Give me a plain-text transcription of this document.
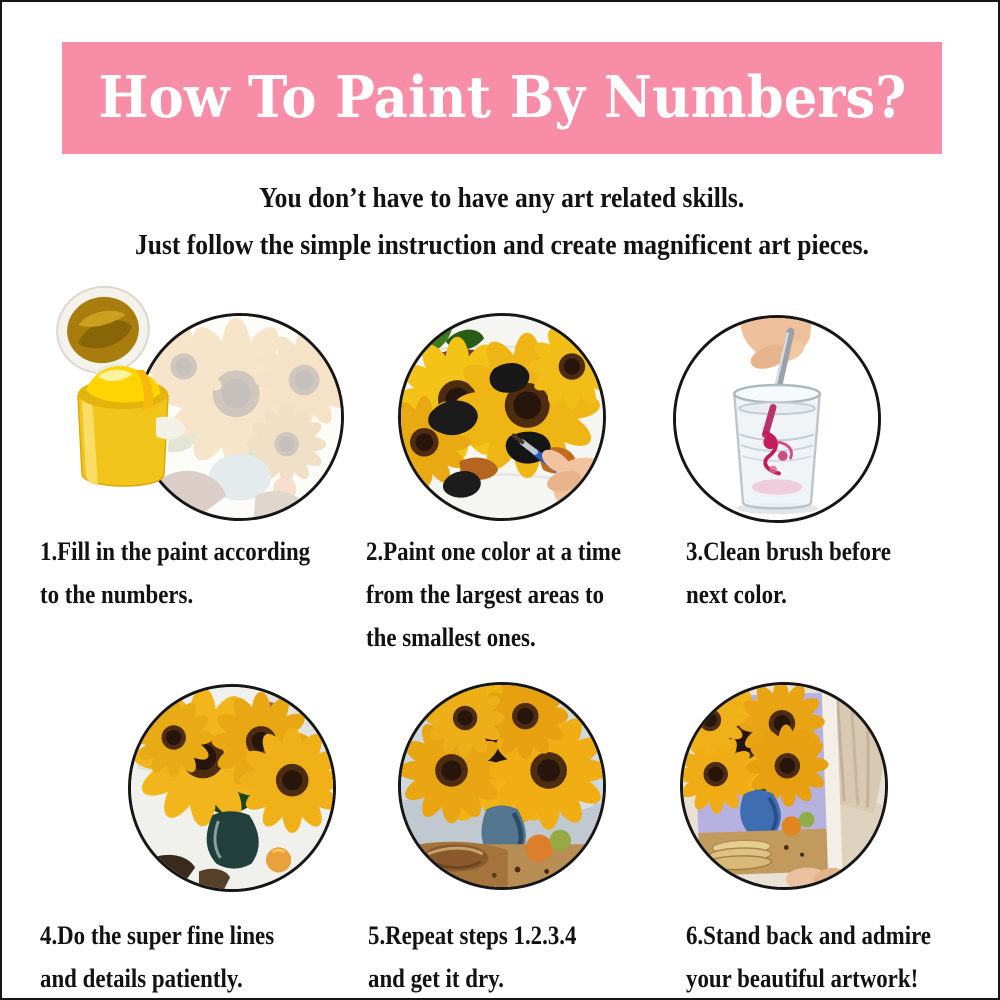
How To Paint By Numbers?
You don’t have to have any art related skills.
Just follow the simple instruction and create magnificent art pieces.
1.Fill in the paint according
to the numbers.
2.Paint one color at a time
from the largest areas to
the smallest ones.
3.Clean brush before
next color.
4.Do the super fine lines
and details patiently.
5.Repeat steps 1.2.3.4
and get it dry.
6.Stand back and admire
your beautiful artwork!
